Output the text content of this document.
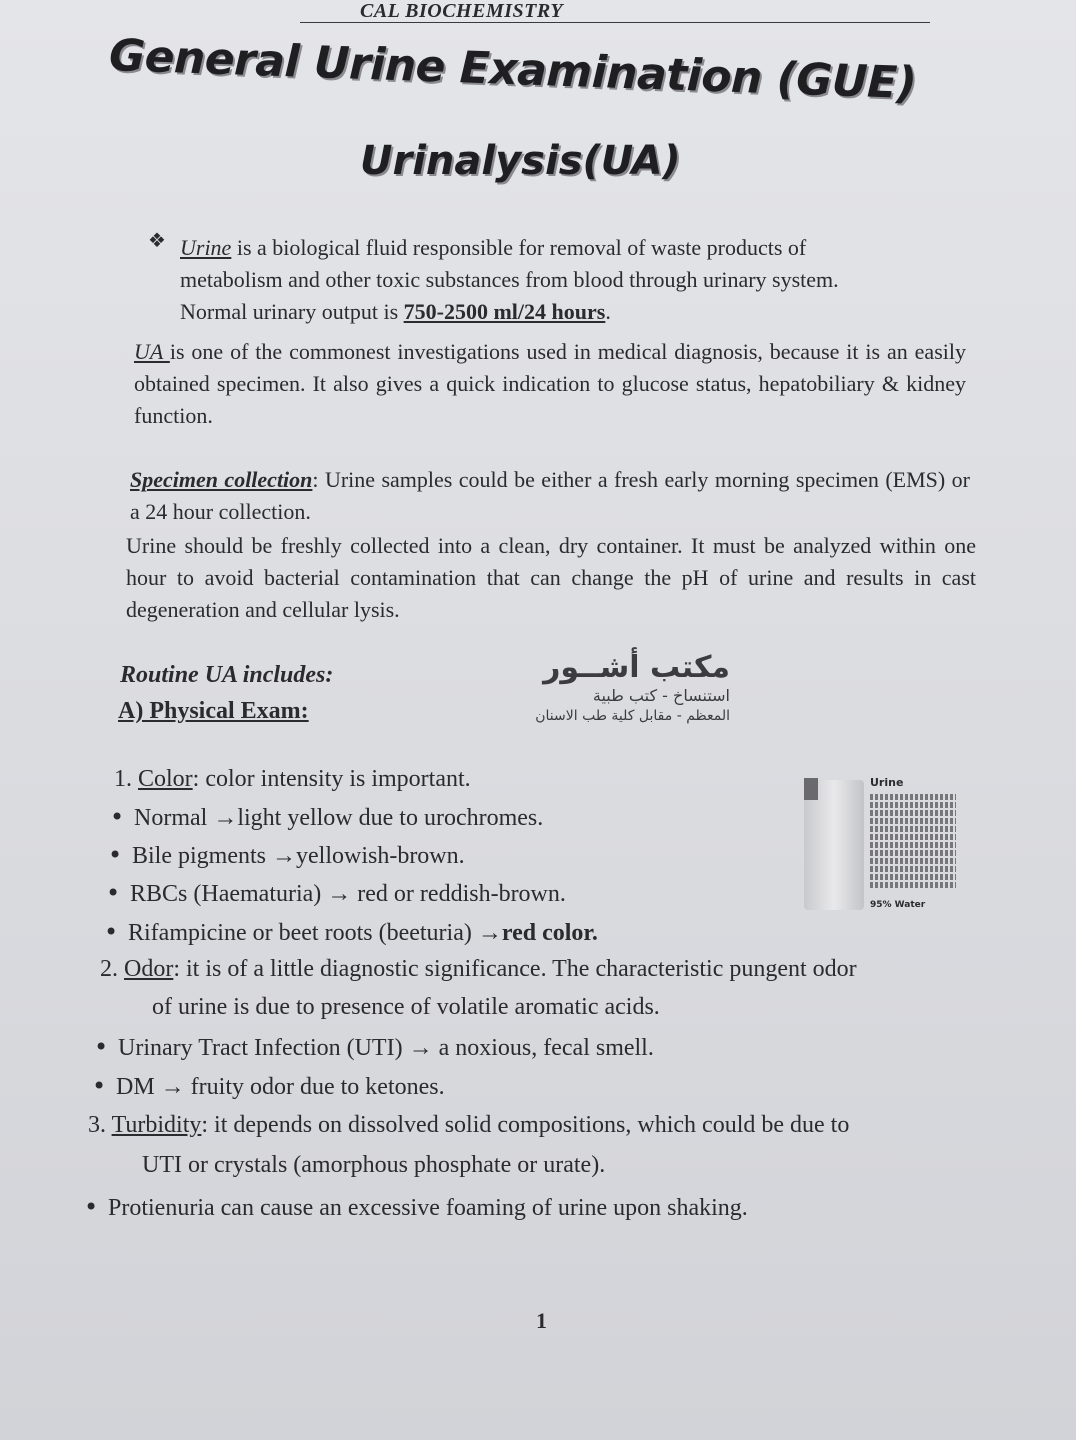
CAL BIOCHEMISTRY
General Urine Examination (GUE)
Urinalysis(UA)
❖ Urine is a biological fluid responsible for removal of waste products of
metabolism and other toxic substances from blood through urinary system.
Normal urinary output is 750-2500 ml/24 hours.
UA is one of the commonest investigations used in medical diagnosis, because it is an easily obtained specimen. It also gives a quick indication to glucose status, hepatobiliary & kidney function.
Specimen collection: Urine samples could be either a fresh early morning specimen (EMS) or a 24 hour collection.
Urine should be freshly collected into a clean, dry container. It must be analyzed within one hour to avoid bacterial contamination that can change the pH of urine and results in cast degeneration and cellular lysis.
Routine UA includes:
A) Physical Exam:
مكتب أشــور
استنساخ - كتب طبية
المعظم - مقابل كلية طب الاسنان
1. Color: color intensity is important.
• Normal →light yellow due to urochromes.
• Bile pigments →yellowish-brown.
• RBCs (Haematuria) → red or reddish-brown.
• Rifampicine or beet roots (beeturia) →red color.
2. Odor: it is of a little diagnostic significance. The characteristic pungent odor
of urine is due to presence of volatile aromatic acids.
• Urinary Tract Infection (UTI) → a noxious, fecal smell.
• DM → fruity odor due to ketones.
3. Turbidity: it depends on dissolved solid compositions, which could be due to
UTI or crystals (amorphous phosphate or urate).
• Protienuria can cause an excessive foaming of urine upon shaking.
Urine
95% Water
1
